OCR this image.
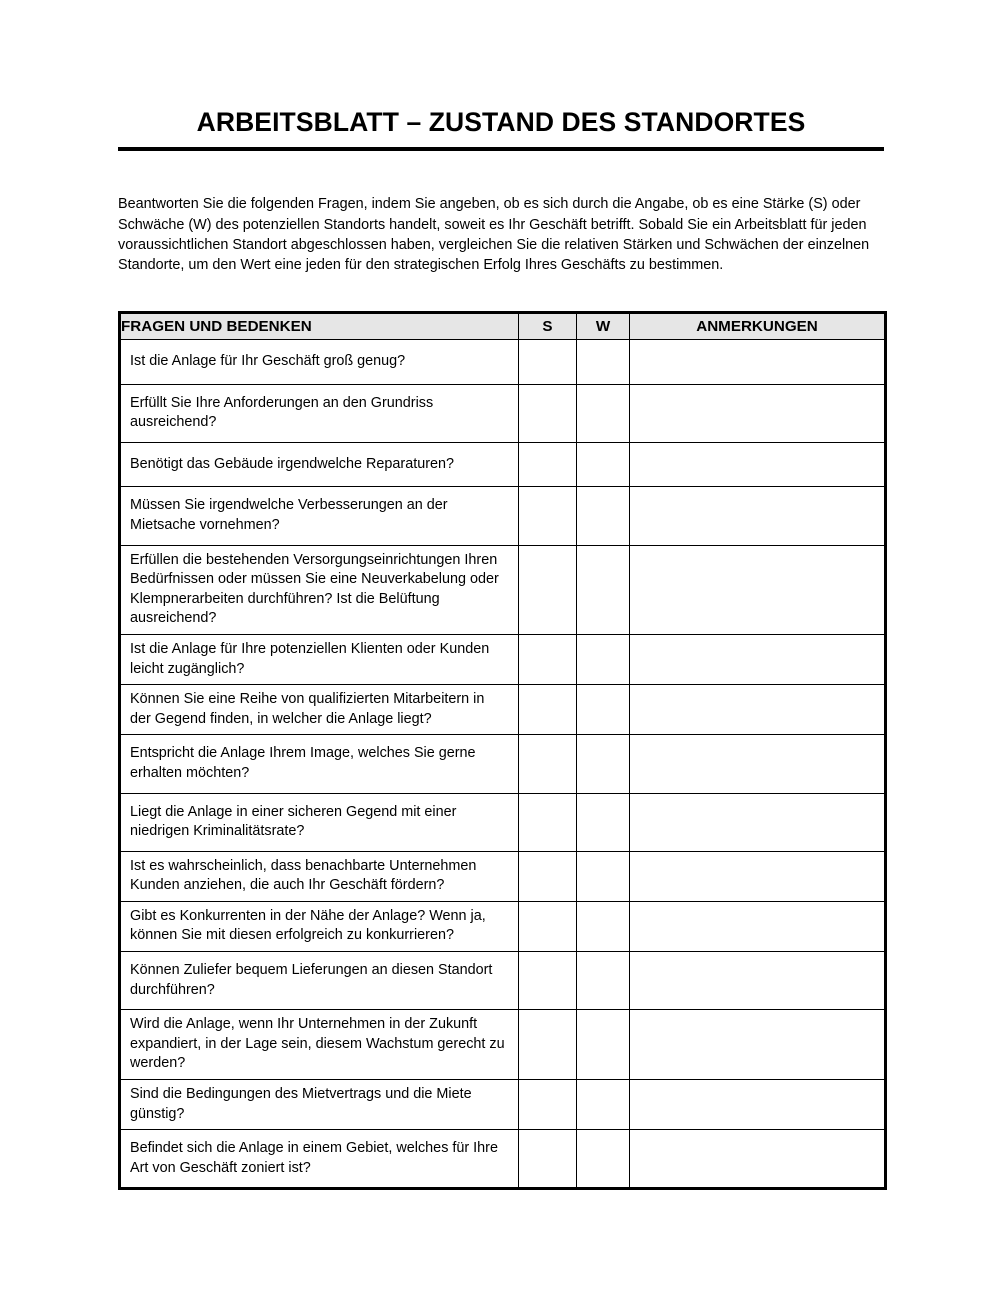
ARBEITSBLATT – ZUSTAND DES STANDORTES

Beantworten Sie die folgenden Fragen, indem Sie angeben, ob es sich durch die Angabe, ob es eine Stärke (S) oder Schwäche (W) des potenziellen Standorts handelt, soweit es Ihr Geschäft betrifft. Sobald Sie ein Arbeitsblatt für jeden voraussichtlichen Standort abgeschlossen haben, vergleichen Sie die relativen Stärken und Schwächen der einzelnen Standorte, um den Wert eine jeden für den strategischen Erfolg Ihres Geschäfts zu bestimmen.

FRAGEN UND BEDENKEN	S	W	ANMERKUNGEN
Ist die Anlage für Ihr Geschäft groß genug?			
Erfüllt Sie Ihre Anforderungen an den Grundriss ausreichend?			
Benötigt das Gebäude irgendwelche Reparaturen?			
Müssen Sie irgendwelche Verbesserungen an der Mietsache vornehmen?			
Erfüllen die bestehenden Versorgungseinrichtungen Ihren Bedürfnissen oder müssen Sie eine Neuverkabelung oder Klempnerarbeiten durchführen? Ist die Belüftung ausreichend?			
Ist die Anlage für Ihre potenziellen Klienten oder Kunden leicht zugänglich?			
Können Sie eine Reihe von qualifizierten Mitarbeitern in der Gegend finden, in welcher die Anlage liegt?			
Entspricht die Anlage Ihrem Image, welches Sie gerne erhalten möchten?			
Liegt die Anlage in einer sicheren Gegend mit einer niedrigen Kriminalitätsrate?			
Ist es wahrscheinlich, dass benachbarte Unternehmen Kunden anziehen, die auch Ihr Geschäft fördern?			
Gibt es Konkurrenten in der Nähe der Anlage? Wenn ja, können Sie mit diesen erfolgreich zu konkurrieren?			
Können Zuliefer bequem Lieferungen an diesen Standort durchführen?			
Wird die Anlage, wenn Ihr Unternehmen in der Zukunft expandiert, in der Lage sein, diesem Wachstum gerecht zu werden?			
Sind die Bedingungen des Mietvertrags und die Miete günstig?			
Befindet sich die Anlage in einem Gebiet, welches für Ihre Art von Geschäft zoniert ist?			
